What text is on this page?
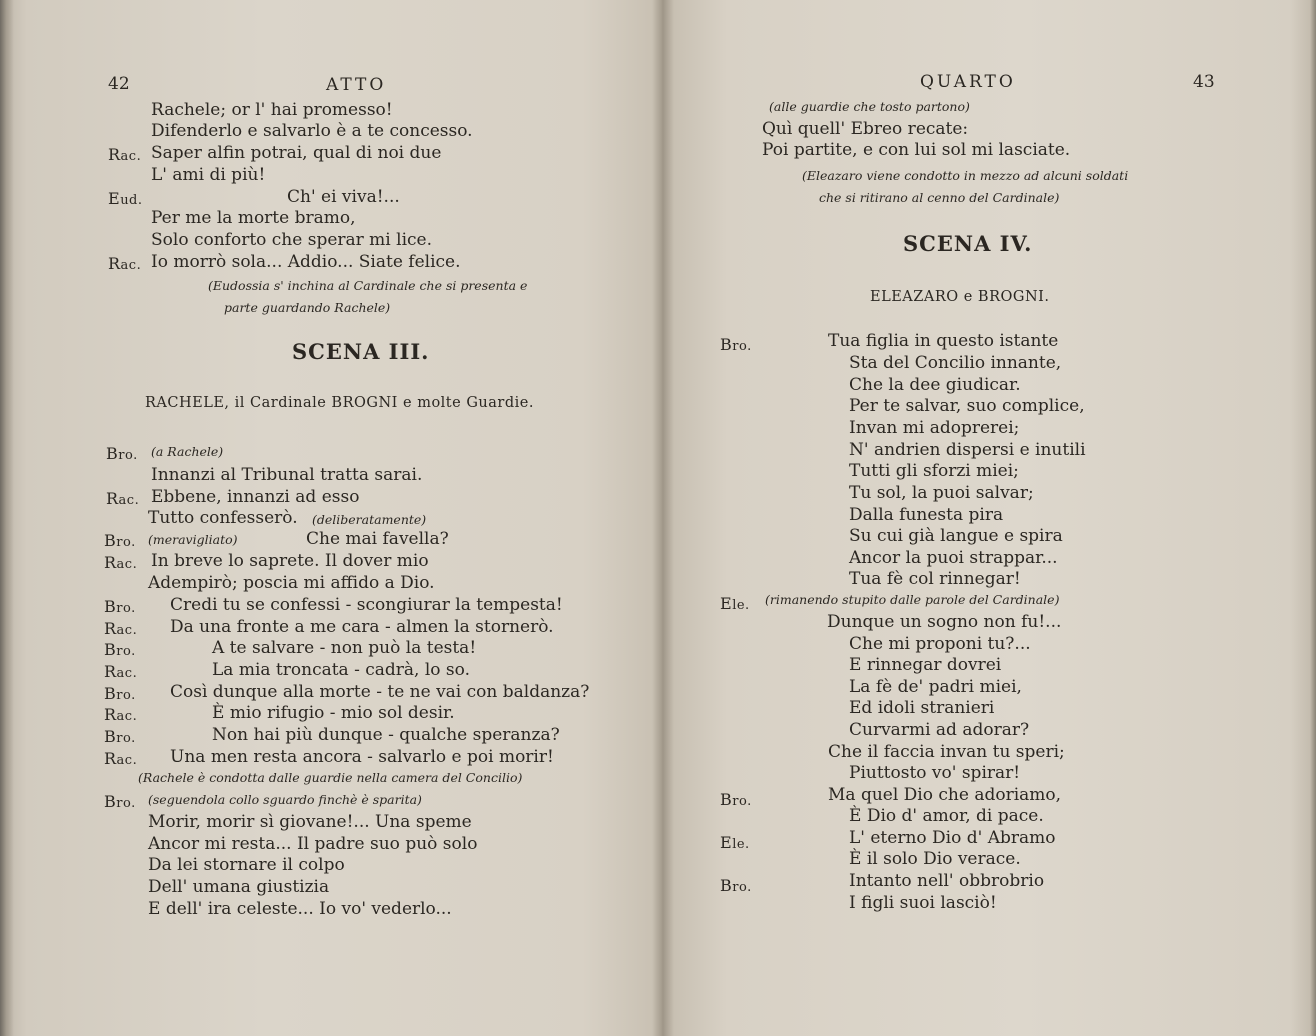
42	ATTO
Rachele; or l' hai promesso!
Difenderlo e salvarlo è a te concesso.
Rac. Saper alfin potrai, qual di noi due
L' ami di più!
Eud.	Ch' ei viva!...
Per me la morte bramo,
Solo conforto che sperar mi lice.
Rac. Io morrò sola... Addio... Siate felice.
(Eudossia s' inchina al Cardinale che si presenta e
parte guardando Rachele)
SCENA III.
RACHELE, il Cardinale BROGNI e molte Guardie.
Bro. (a Rachele)
Innanzi al Tribunal tratta sarai.
Rac. Ebbene, innanzi ad esso
Tutto confesserò. (deliberatamente)
Bro. (meravigliato)	Che mai favella?
Rac. In breve lo saprete. Il dover mio
Adempirò; poscia mi affido a Dio.
Bro. Credi tu se confessi - scongiurar la tempesta!
Rac. Da una fronte a me cara - almen la stornerò.
Bro.	A te salvare - non può la testa!
Rac.	La mia troncata - cadrà, lo so.
Bro. Così dunque alla morte - te ne vai con baldanza?
Rac.	È mio rifugio - mio sol desir.
Bro.	Non hai più dunque - qualche speranza?
Rac. Una men resta ancora - salvarlo e poi morir!
(Rachele è condotta dalle guardie nella camera del Concilio)
Bro. (seguendola collo sguardo finchè è sparita)
Morir, morir sì giovane!... Una speme
Ancor mi resta... Il padre suo può solo
Da lei stornare il colpo
Dell' umana giustizia
E dell' ira celeste... Io vo' vederlo...
QUARTO	43
(alle guardie che tosto partono)
Quì quell' Ebreo recate:
Poi partite, e con lui sol mi lasciate.
(Eleazaro viene condotto in mezzo ad alcuni soldati
che si ritirano al cenno del Cardinale)
SCENA IV.
ELEAZARO e BROGNI.
Bro.	Tua figlia in questo istante
Sta del Concilio innante,
Che la dee giudicar.
Per te salvar, suo complice,
Invan mi adoprerei;
N' andrien dispersi e inutili
Tutti gli sforzi miei;
Tu sol, la puoi salvar;
Dalla funesta pira
Su cui già langue e spira
Ancor la puoi strappar...
Tua fè col rinnegar!
Ele. (rimanendo stupito dalle parole del Cardinale)
Dunque un sogno non fu!...
Che mi proponi tu?...
E rinnegar dovrei
La fè de' padri miei,
Ed idoli stranieri
Curvarmi ad adorar?
Che il faccia invan tu speri;
Piuttosto vo' spirar!
Bro.	Ma quel Dio che adoriamo,
È Dio d' amor, di pace.
Ele.	L' eterno Dio d' Abramo
È il solo Dio verace.
Bro.	Intanto nell' obbrobrio
I figli suoi lasciò!
